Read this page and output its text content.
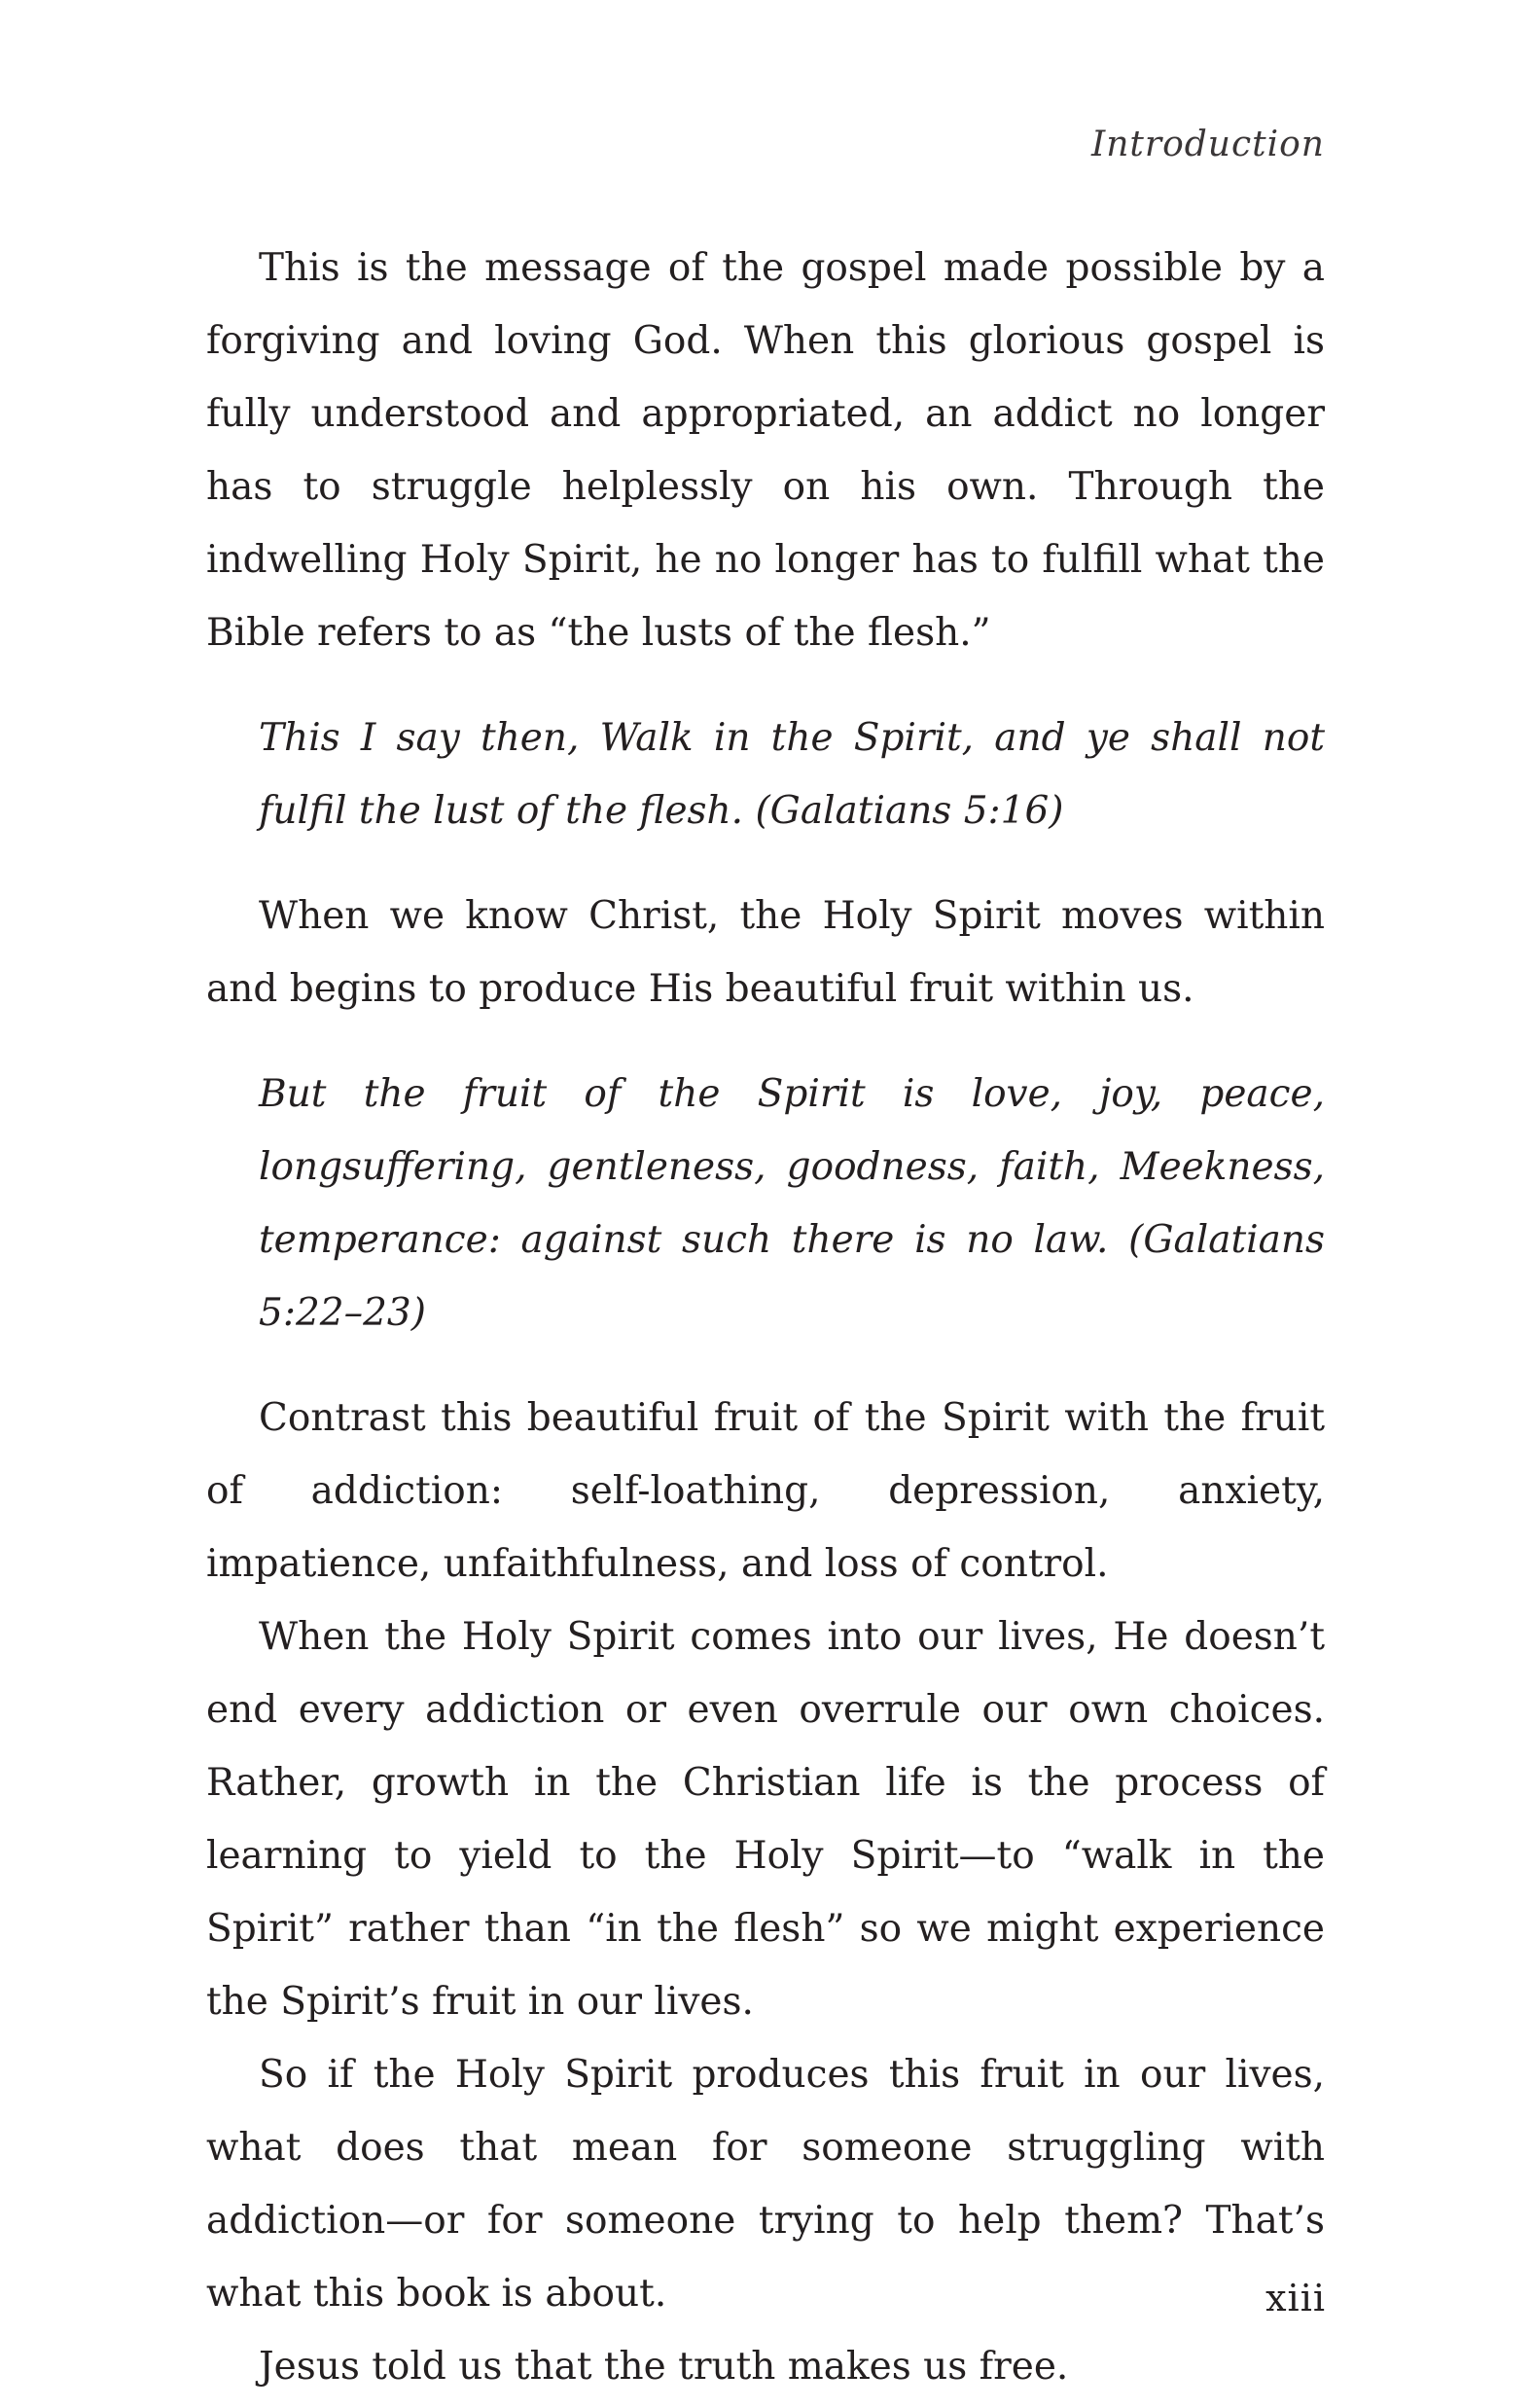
Introduction

This is the message of the gospel made possible by a forgiving and loving God. When this glorious gospel is fully understood and appropriated, an addict no longer has to struggle helplessly on his own. Through the indwelling Holy Spirit, he no longer has to fulfill what the Bible refers to as “the lusts of the flesh.”

This I say then, Walk in the Spirit, and ye shall not fulfil the lust of the flesh. (Galatians 5:16)

When we know Christ, the Holy Spirit moves within and begins to produce His beautiful fruit within us.

But the fruit of the Spirit is love, joy, peace, longsuffering, gentleness, goodness, faith, Meekness, temperance: against such there is no law. (Galatians 5:22–23)

Contrast this beautiful fruit of the Spirit with the fruit of addiction: self-loathing, depression, anxiety, impatience, unfaithfulness, and loss of control.

When the Holy Spirit comes into our lives, He doesn’t end every addiction or even overrule our own choices. Rather, growth in the Christian life is the process of learning to yield to the Holy Spirit—to “walk in the Spirit” rather than “in the flesh” so we might experience the Spirit’s fruit in our lives.

So if the Holy Spirit produces this fruit in our lives, what does that mean for someone struggling with addiction—or for someone trying to help them? That’s what this book is about.

Jesus told us that the truth makes us free.

xiii
